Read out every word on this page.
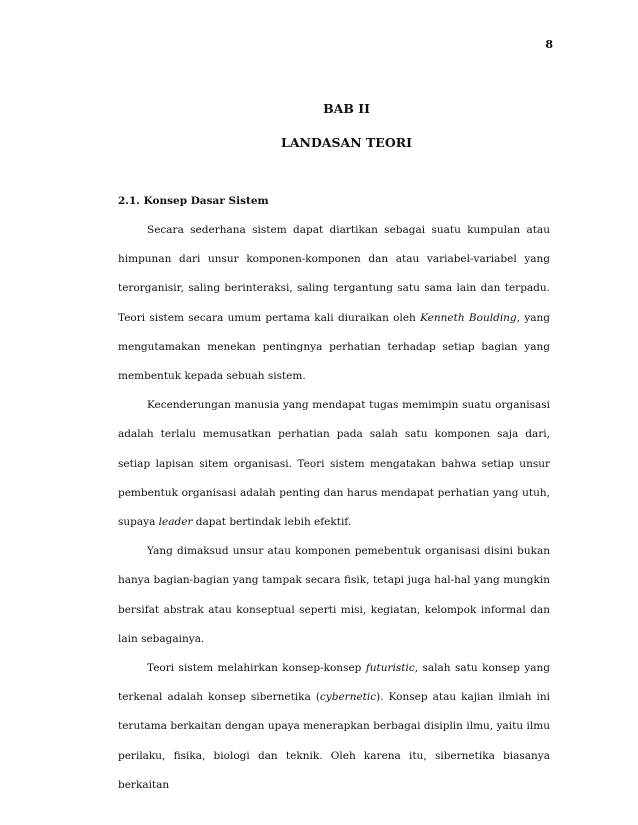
8
BAB II
LANDASAN TEORI

2.1. Konsep Dasar Sistem

Secara sederhana sistem dapat diartikan sebagai suatu kumpulan atau himpunan dari unsur komponen-komponen dan atau variabel-variabel yang terorganisir, saling berinteraksi, saling tergantung satu sama lain dan terpadu. Teori sistem secara umum pertama kali diuraikan oleh Kenneth Boulding, yang mengutamakan menekan pentingnya perhatian terhadap setiap bagian yang membentuk kepada sebuah sistem.

Kecenderungan manusia yang mendapat tugas memimpin suatu organisasi adalah terlalu memusatkan perhatian pada salah satu komponen saja dari, setiap lapisan sitem organisasi. Teori sistem mengatakan bahwa setiap unsur pembentuk organisasi adalah penting dan harus mendapat perhatian yang utuh, supaya leader dapat bertindak lebih efektif.

Yang dimaksud unsur atau komponen pemebentuk organisasi disini bukan hanya bagian-bagian yang tampak secara fisik, tetapi juga hal-hal yang mungkin bersifat abstrak atau konseptual seperti misi, kegiatan, kelompok informal dan lain sebagainya.

Teori sistem melahirkan konsep-konsep futuristic, salah satu konsep yang terkenal adalah konsep sibernetika (cybernetic). Konsep atau kajian ilmiah ini terutama berkaitan dengan upaya menerapkan berbagai disiplin ilmu, yaitu ilmu perilaku, fisika, biologi dan teknik. Oleh karena itu, sibernetika biasanya berkaitan
